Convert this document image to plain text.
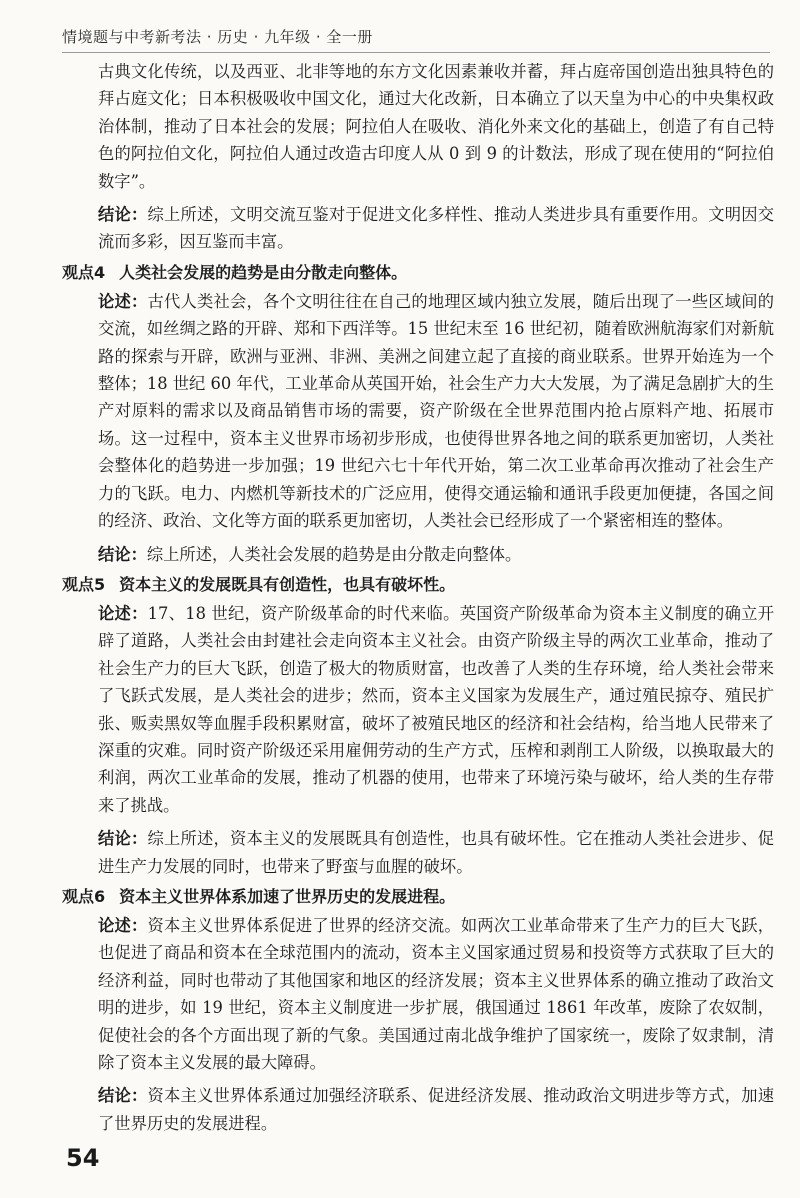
情境题与中考新考法 · 历史 · 九年级 · 全一册

古典文化传统，以及西亚、北非等地的东方文化因素兼收并蓄，拜占庭帝国创造出独具特色的拜占庭文化；日本积极吸收中国文化，通过大化改新，日本确立了以天皇为中心的中央集权政治体制，推动了日本社会的发展；阿拉伯人在吸收、消化外来文化的基础上，创造了有自己特色的阿拉伯文化，阿拉伯人通过改造古印度人从 0 到 9 的计数法，形成了现在使用的“阿拉伯数字”。

结论：综上所述，文明交流互鉴对于促进文化多样性、推动人类进步具有重要作用。文明因交流而多彩，因互鉴而丰富。

观点4 人类社会发展的趋势是由分散走向整体。

论述：古代人类社会，各个文明往往在自己的地理区域内独立发展，随后出现了一些区域间的交流，如丝绸之路的开辟、郑和下西洋等。15 世纪末至 16 世纪初，随着欧洲航海家们对新航路的探索与开辟，欧洲与亚洲、非洲、美洲之间建立起了直接的商业联系。世界开始连为一个整体；18 世纪 60 年代，工业革命从英国开始，社会生产力大大发展，为了满足急剧扩大的生产对原料的需求以及商品销售市场的需要，资产阶级在全世界范围内抢占原料产地、拓展市场。这一过程中，资本主义世界市场初步形成，也使得世界各地之间的联系更加密切，人类社会整体化的趋势进一步加强；19 世纪六七十年代开始，第二次工业革命再次推动了社会生产力的飞跃。电力、内燃机等新技术的广泛应用，使得交通运输和通讯手段更加便捷，各国之间的经济、政治、文化等方面的联系更加密切，人类社会已经形成了一个紧密相连的整体。

结论：综上所述，人类社会发展的趋势是由分散走向整体。

观点5 资本主义的发展既具有创造性，也具有破坏性。

论述：17、18 世纪，资产阶级革命的时代来临。英国资产阶级革命为资本主义制度的确立开辟了道路，人类社会由封建社会走向资本主义社会。由资产阶级主导的两次工业革命，推动了社会生产力的巨大飞跃，创造了极大的物质财富，也改善了人类的生存环境，给人类社会带来了飞跃式发展，是人类社会的进步；然而，资本主义国家为发展生产，通过殖民掠夺、殖民扩张、贩卖黑奴等血腥手段积累财富，破坏了被殖民地区的经济和社会结构，给当地人民带来了深重的灾难。同时资产阶级还采用雇佣劳动的生产方式，压榨和剥削工人阶级，以换取最大的利润，两次工业革命的发展，推动了机器的使用，也带来了环境污染与破坏，给人类的生存带来了挑战。

结论：综上所述，资本主义的发展既具有创造性，也具有破坏性。它在推动人类社会进步、促进生产力发展的同时，也带来了野蛮与血腥的破坏。

观点6 资本主义世界体系加速了世界历史的发展进程。

论述：资本主义世界体系促进了世界的经济交流。如两次工业革命带来了生产力的巨大飞跃，也促进了商品和资本在全球范围内的流动，资本主义国家通过贸易和投资等方式获取了巨大的经济利益，同时也带动了其他国家和地区的经济发展；资本主义世界体系的确立推动了政治文明的进步，如 19 世纪，资本主义制度进一步扩展，俄国通过 1861 年改革，废除了农奴制，促使社会的各个方面出现了新的气象。美国通过南北战争维护了国家统一，废除了奴隶制，清除了资本主义发展的最大障碍。

结论：资本主义世界体系通过加强经济联系、促进经济发展、推动政治文明进步等方式，加速了世界历史的发展进程。

54
